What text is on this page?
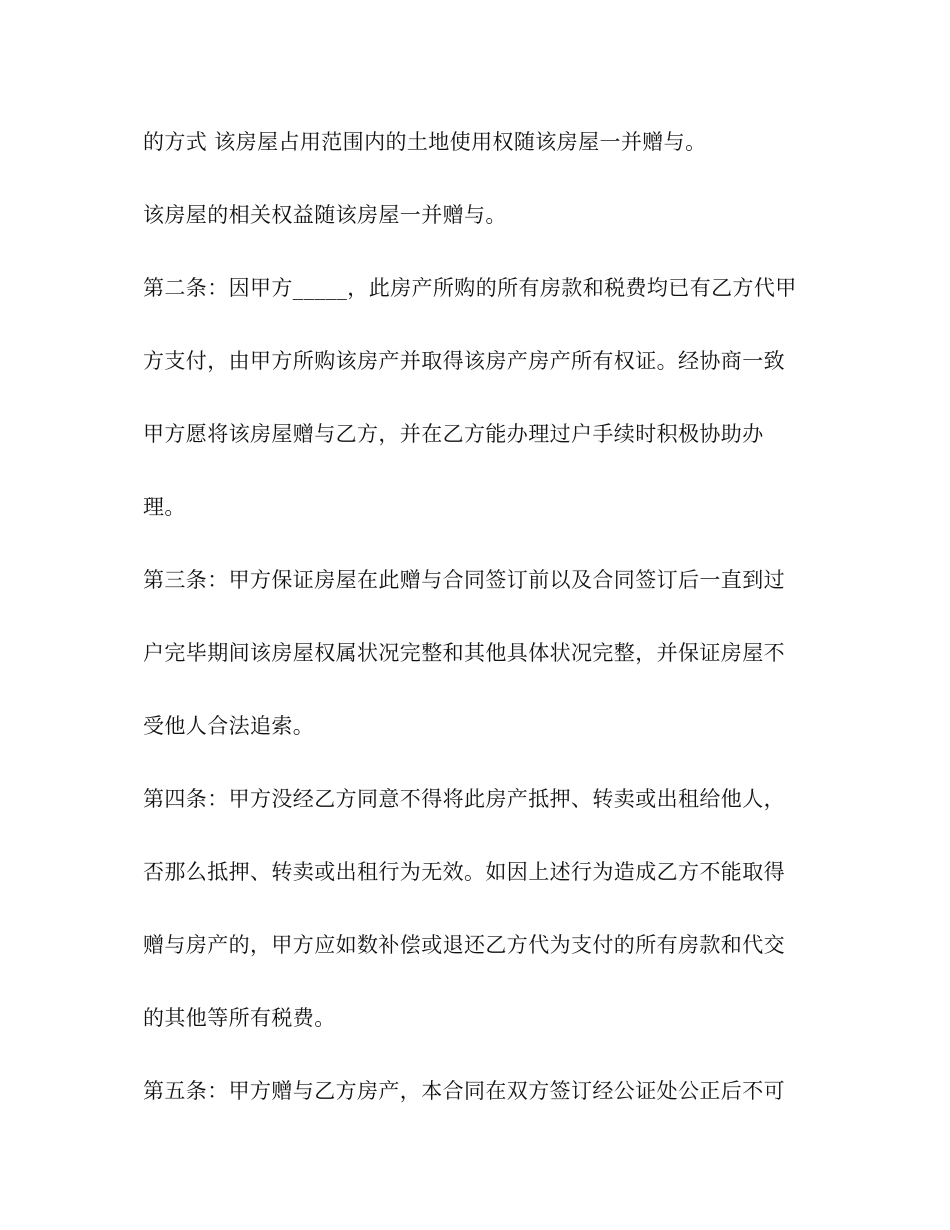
的方式 该房屋占用范围内的土地使用权随该房屋一并赠与。
该房屋的相关权益随该房屋一并赠与。
第二条：因甲方_____，此房产所购的所有房款和税费均已有乙方代甲
方支付，由甲方所购该房产并取得该房产房产所有权证。经协商一致
甲方愿将该房屋赠与乙方，并在乙方能办理过户手续时积极协助办
理。
第三条：甲方保证房屋在此赠与合同签订前以及合同签订后一直到过
户完毕期间该房屋权属状况完整和其他具体状况完整，并保证房屋不
受他人合法追索。
第四条：甲方没经乙方同意不得将此房产抵押、转卖或出租给他人，
否那么抵押、转卖或出租行为无效。如因上述行为造成乙方不能取得
赠与房产的，甲方应如数补偿或退还乙方代为支付的所有房款和代交
的其他等所有税费。
第五条：甲方赠与乙方房产，本合同在双方签订经公证处公正后不可
